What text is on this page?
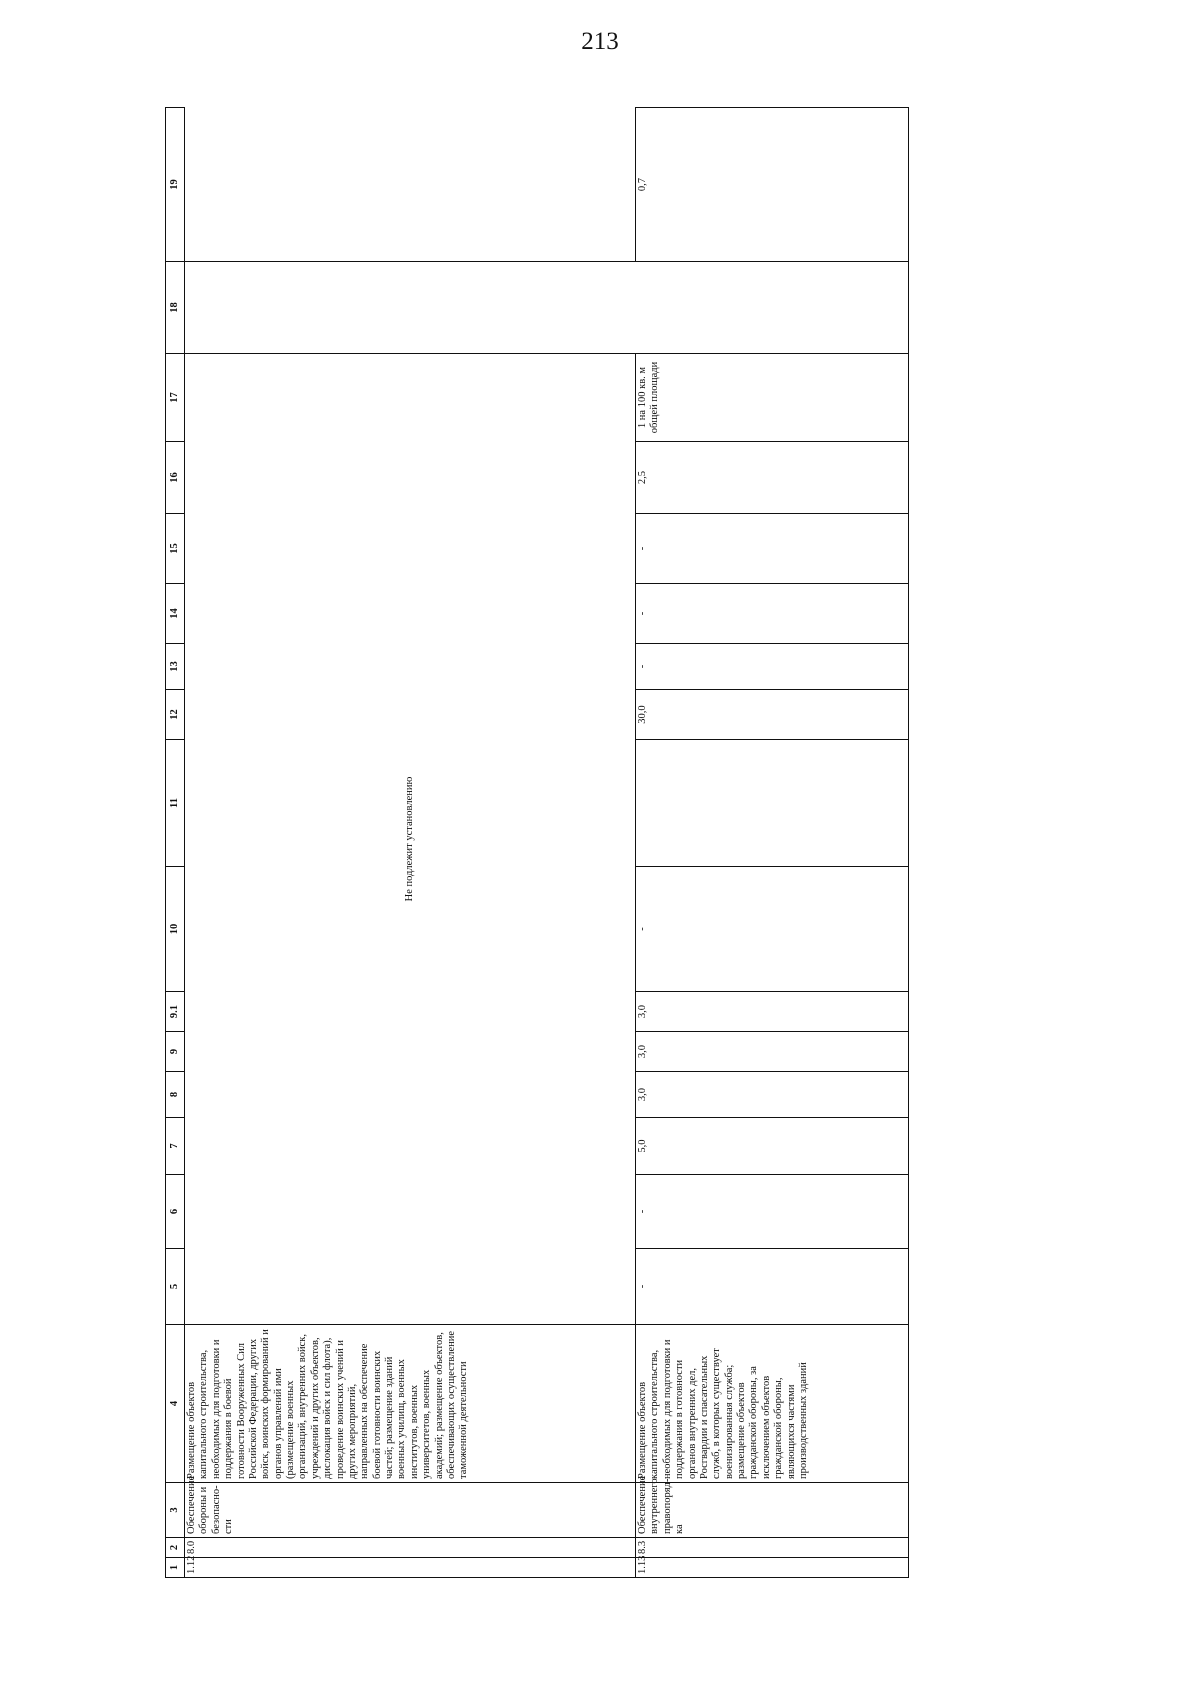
213
1	2	3	4	5	6	7	8	9	9.1	10	11	12	13	14	15	16	17	18	19
1.12	8.0	Обеспечение обороны и безопасно-сти	Размещение объектов капитального строительства, необходимых для подготовки и поддержания в боевой готовности Вооруженных Сил Российской Федерации, других войск, воинских формирований и органов управлений ими (размещение военных организаций, внутренних войск, учреждений и других объектов, дислокация войск и сил флота), проведение воинских учений и других мероприятий, направленных на обеспечение боевой готовности воинских частей; размещение зданий военных училищ, военных институтов, военных университетов, военных академий; размещение объектов, обеспечивающих осуществление таможенной деятельности	Не подлежит установлению															
1.13	8.3	Обеспечение внутреннего правопоряд-ка	Размещение объектов капитального строительства, необходимых для подготовки и поддержания в готовности органов внутренних дел, Росгвардии и спасательных служб, в которых существует военизированная служба; размещение объектов гражданской обороны, за исключением объектов гражданской обороны, являющихся частями производственных зданий	-	-	5,0	3,0	3,0	3,0	-		30,0	-	-	-	2,5	1 на 100 кв. м общей площади		0,7
